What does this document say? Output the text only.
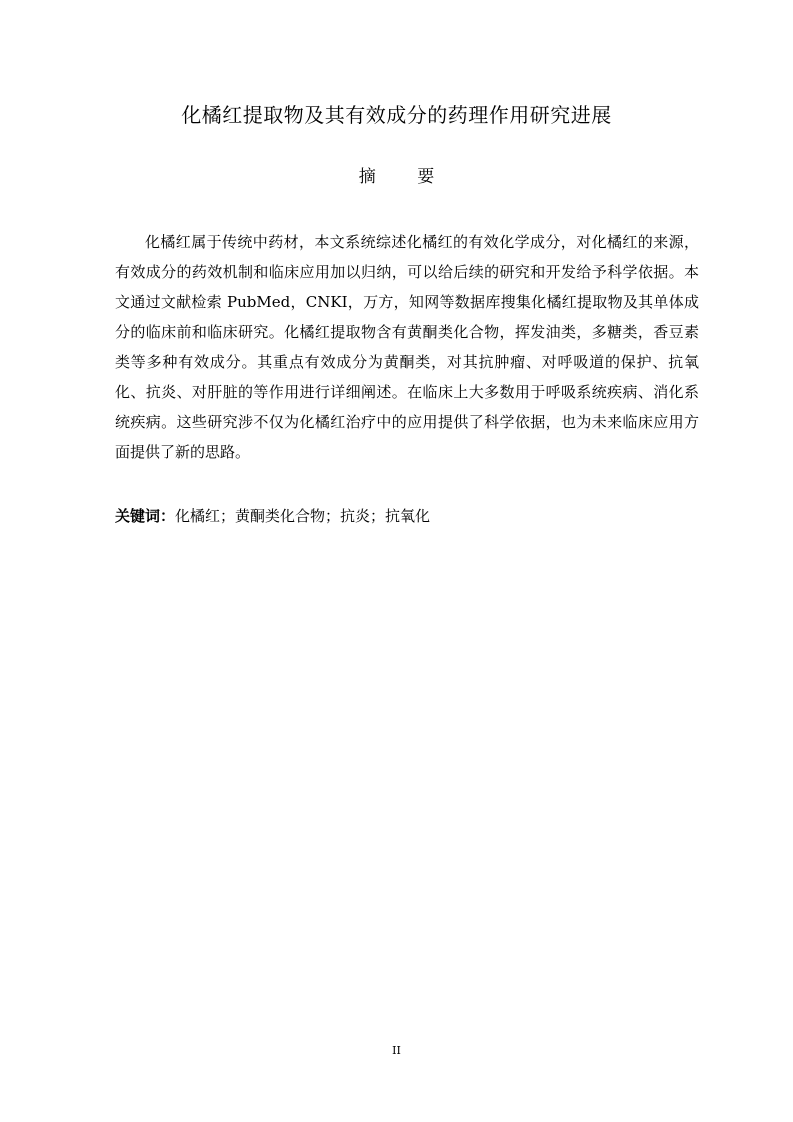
化橘红提取物及其有效成分的药理作用研究进展
摘 要
化橘红属于传统中药材，本文系统综述化橘红的有效化学成分，对化橘红的来源，有效成分的药效机制和临床应用加以归纳，可以给后续的研究和开发给予科学依据。本文通过文献检索 PubMed，CNKI，万方，知网等数据库搜集化橘红提取物及其单体成分的临床前和临床研究。化橘红提取物含有黄酮类化合物，挥发油类，多糖类，香豆素类等多种有效成分。其重点有效成分为黄酮类，对其抗肿瘤、对呼吸道的保护、抗氧化、抗炎、对肝脏的等作用进行详细阐述。在临床上大多数用于呼吸系统疾病、消化系统疾病。这些研究涉不仅为化橘红治疗中的应用提供了科学依据，也为未来临床应用方面提供了新的思路。
关键词：化橘红；黄酮类化合物；抗炎；抗氧化
II
